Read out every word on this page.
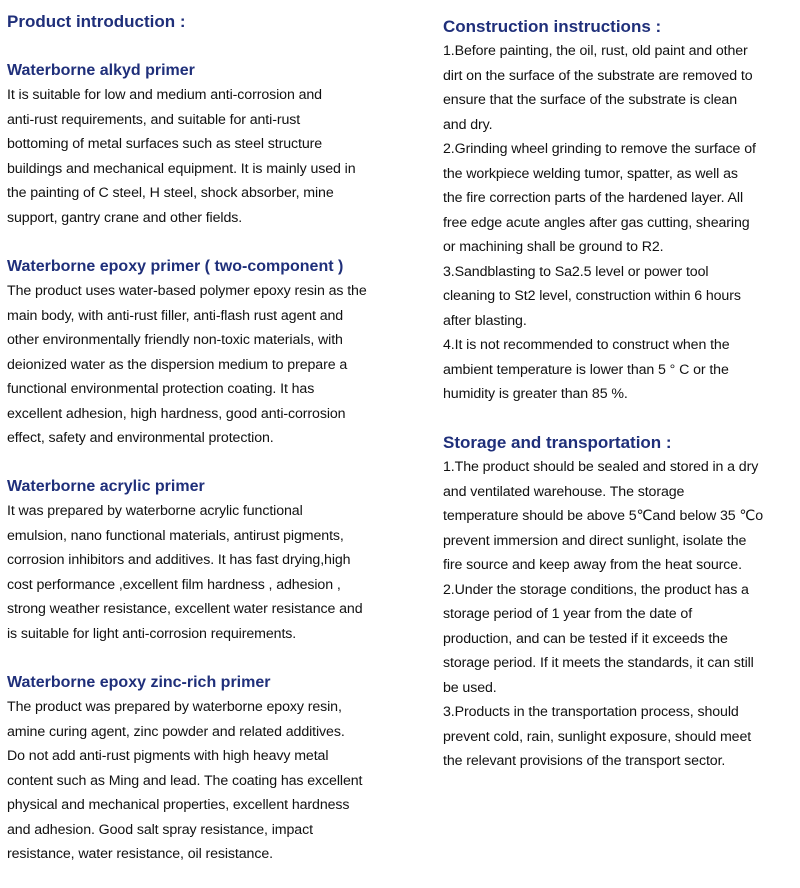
Product introduction :
Waterborne alkyd primer

It is suitable for low and medium anti-corrosion and
anti-rust requirements, and suitable for anti-rust
bottoming of metal surfaces such as steel structure
buildings and mechanical equipment. It is mainly used in
the painting of C steel, H steel, shock absorber, mine
support, gantry crane and other fields.

Waterborne epoxy primer ( two-component )

The product uses water-based polymer epoxy resin as the
main body, with anti-rust filler, anti-flash rust agent and
other environmentally friendly non-toxic materials, with
deionized water as the dispersion medium to prepare a
functional environmental protection coating. It has
excellent adhesion, high hardness, good anti-corrosion
effect, safety and environmental protection.

Waterborne acrylic primer

It was prepared by waterborne acrylic functional
emulsion, nano functional materials, antirust pigments,
corrosion inhibitors and additives. It has fast drying,high
cost performance ,excellent film hardness , adhesion ,
strong weather resistance, excellent water resistance and
is suitable for light anti-corrosion requirements.

Waterborne epoxy zinc-rich primer

The product was prepared by waterborne epoxy resin,
amine curing agent, zinc powder and related additives.
Do not add anti-rust pigments with high heavy metal
content such as Ming and lead. The coating has excellent
physical and mechanical properties, excellent hardness
and adhesion. Good salt spray resistance, impact
resistance, water resistance, oil resistance.

Construction instructions :

1.Before painting, the oil, rust, old paint and other
dirt on the surface of the substrate are removed to
ensure that the surface of the substrate is clean
and dry.
2.Grinding wheel grinding to remove the surface of
the workpiece welding tumor, spatter, as well as
the fire correction parts of the hardened layer. All
free edge acute angles after gas cutting, shearing
or machining shall be ground to R2.
3.Sandblasting to Sa2.5 level or power tool
cleaning to St2 level, construction within 6 hours
after blasting.
4.It is not recommended to construct when the
ambient temperature is lower than 5 ° C or the
humidity is greater than 85 %.

Storage and transportation :

1.The product should be sealed and stored in a dry
and ventilated warehouse. The storage
temperature should be above 5℃and below 35 ℃o
prevent immersion and direct sunlight, isolate the
fire source and keep away from the heat source.
2.Under the storage conditions, the product has a
storage period of 1 year from the date of
production, and can be tested if it exceeds the
storage period. If it meets the standards, it can still
be used.
3.Products in the transportation process, should
prevent cold, rain, sunlight exposure, should meet
the relevant provisions of the transport sector.
